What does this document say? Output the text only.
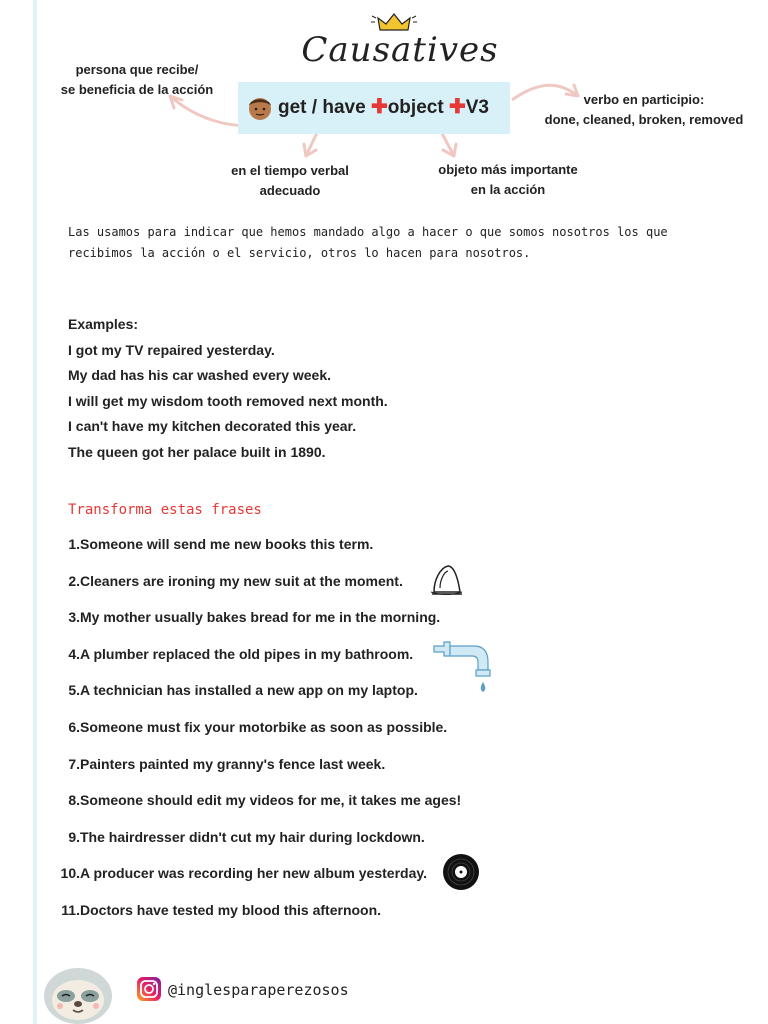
Causatives
get / have ✚object ✚V3
persona que recibe/
se beneficia de la acción
verbo en participio:
done, cleaned, broken, removed
en el tiempo verbal
adecuado
objeto más importante
en la acción
Las usamos para indicar que hemos mandado algo a hacer o que somos nosotros los que
recibimos la acción o el servicio, otros lo hacen para nosotros.
Examples:
I got my TV repaired yesterday.
My dad has his car washed every week.
I will get my wisdom tooth removed next month.
I can't have my kitchen decorated this year.
The queen got her palace built in 1890.
Transforma estas frases
1. Someone will send me new books this term.
2. Cleaners are ironing my new suit at the moment.
3. My mother usually bakes bread for me in the morning.
4. A plumber replaced the old pipes in my bathroom.
5. A technician has installed a new app on my laptop.
6. Someone must fix your motorbike as soon as possible.
7. Painters painted my granny's fence last week.
8. Someone should edit my videos for me, it takes me ages!
9. The hairdresser didn't cut my hair during lockdown.
10. A producer was recording her new album yesterday.
11. Doctors have tested my blood this afternoon.
@inglesparaperezosos
